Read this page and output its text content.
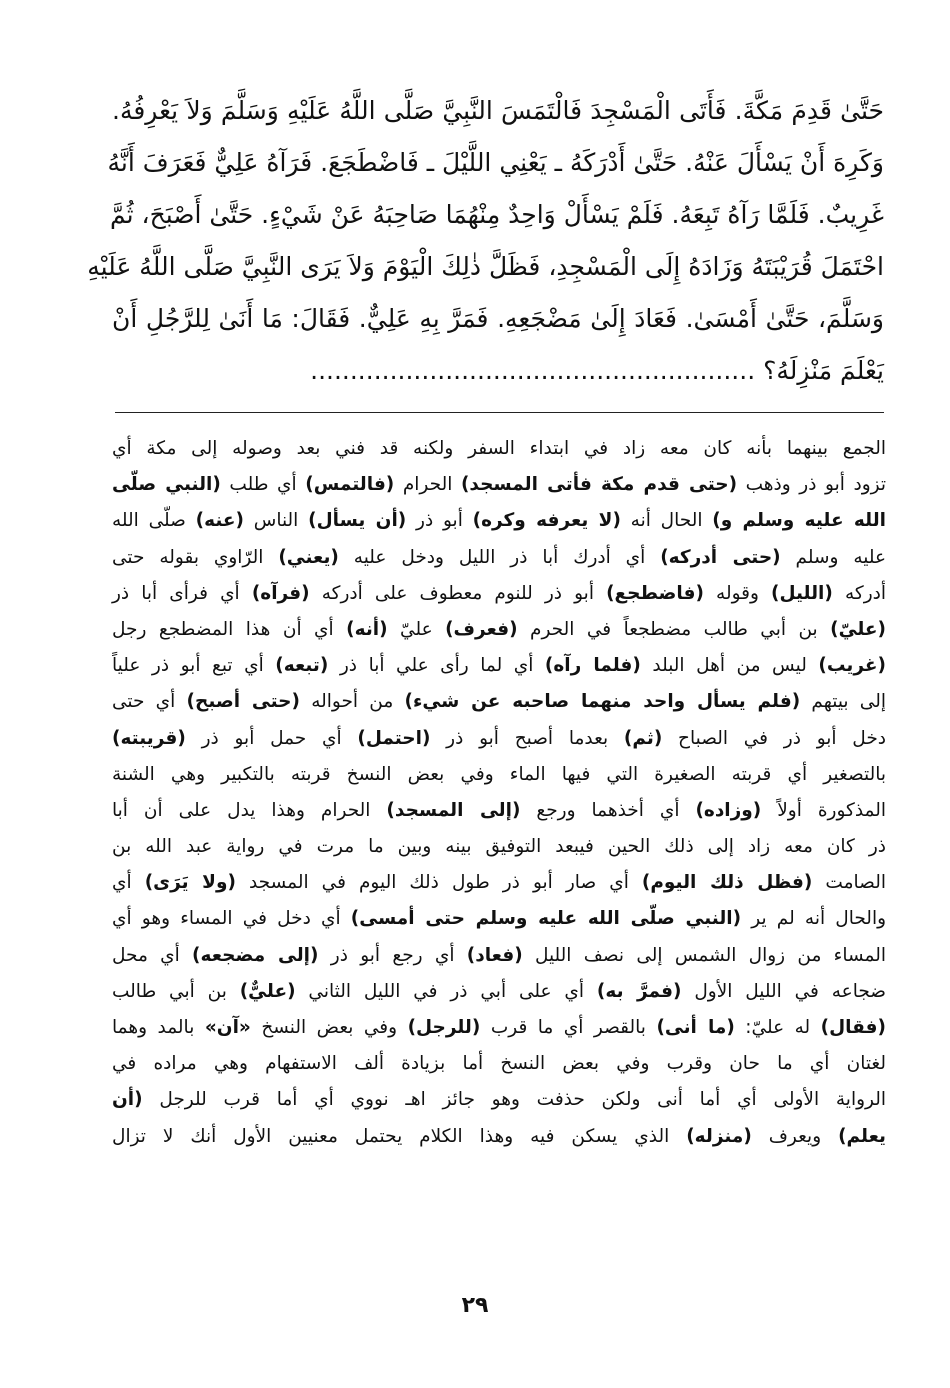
حَتَّىٰ قَدِمَ مَكَّةَ. فَأَتَى الْمَسْجِدَ فَالْتَمَسَ النَّبِيَّ صَلَّى اللَّهُ عَلَيْهِ وَسَلَّمَ وَلاَ يَعْرِفُهُ.
وَكَرِهَ أَنْ يَسْأَلَ عَنْهُ. حَتَّىٰ أَدْرَكَهُ ـ يَعْنِي اللَّيْلَ ـ فَاضْطَجَعَ. فَرَآهُ عَلِيٌّ فَعَرَفَ أَنَّهُ
غَرِيبٌ. فَلَمَّا رَآهُ تَبِعَهُ. فَلَمْ يَسْأَلْ وَاحِدٌ مِنْهُمَا صَاحِبَهُ عَنْ شَيْءٍ. حَتَّىٰ أَصْبَحَ، ثُمَّ
احْتَمَلَ قُرَيْبَتَهُ وَزَادَهُ إِلَى الْمَسْجِدِ، فَظَلَّ ذٰلِكَ الْيَوْمَ وَلاَ يَرَى النَّبِيَّ صَلَّى اللَّهُ عَلَيْهِ
وَسَلَّمَ، حَتَّىٰ أَمْسَىٰ. فَعَادَ إِلَىٰ مَضْجَعِهِ. فَمَرَّ بِهِ عَلِيٌّ. فَقَالَ: مَا أَنَىٰ لِلرَّجُلِ أَنْ
يَعْلَمَ مَنْزِلَهُ؟ ........................................................
الجمع بينهما بأنه كان معه زاد في ابتداء السفر ولكنه قد فني بعد وصوله إلى مكة أي
تزود أبو ذر وذهب (حتى قدم مكة فأتى المسجد) الحرام (فالتمس) أي طلب (النبي صلّى
الله عليه وسلم و) الحال أنه (لا يعرفه وكره) أبو ذر (أن يسأل) الناس (عنه) صلّى الله
عليه وسلم (حتى أدركه) أي أدرك أبا ذر الليل ودخل عليه (يعني) الرّاوي بقوله حتى
أدركه (الليل) وقوله (فاضطجع) أبو ذر للنوم معطوف على أدركه (فرآه) أي فرأى أبا ذر
(عليّ) بن أبي طالب مضطجعاً في الحرم (فعرف) عليّ (أنه) أي أن هذا المضطجع رجل
(غريب) ليس من أهل البلد (فلما رآه) أي لما رأى علي أبا ذر (تبعه) أي تبع أبو ذر علياً
إلى بيتهم (فلم يسأل واحد منهما صاحبه عن شيء) من أحواله (حتى أصبح) أي حتى
دخل أبو ذر في الصباح (ثم) بعدما أصبح أبو ذر (احتمل) أي حمل أبو ذر (قريبته)
بالتصغير أي قربته الصغيرة التي فيها الماء وفي بعض النسخ قربته بالتكبير وهي الشنة
المذكورة أولاً (وزاده) أي أخذهما ورجع (إلى المسجد) الحرام وهذا يدل على أن أبا
ذر كان معه زاد إلى ذلك الحين فيبعد التوفيق بينه وبين ما مرت في رواية عبد الله بن
الصامت (فظل ذلك اليوم) أي صار أبو ذر طول ذلك اليوم في المسجد (ولا يَرَى) أي
والحال أنه لم ير (النبي صلّى الله عليه وسلم حتى أمسى) أي دخل في المساء وهو أي
المساء من زوال الشمس إلى نصف الليل (فعاد) أي رجع أبو ذر (إلى مضجعه) أي محل
ضجاعه في الليل الأول (فمرَّ به) أي على أبي ذر في الليل الثاني (عليٌّ) بن أبي طالب
(فقال) له عليّ: (ما أنى) بالقصر أي ما قرب (للرجل) وفي بعض النسخ «آن» بالمد وهما
لغتان أي ما حان وقرب وفي بعض النسخ أما بزيادة ألف الاستفهام وهي مراده في
الرواية الأولى أي أما أنى ولكن حذفت وهو جائز اهـ نووي أي أما قرب للرجل (أن
يعلم) ويعرف (منزله) الذي يسكن فيه وهذا الكلام يحتمل معنيين الأول أنك لا تزال
٢٩
